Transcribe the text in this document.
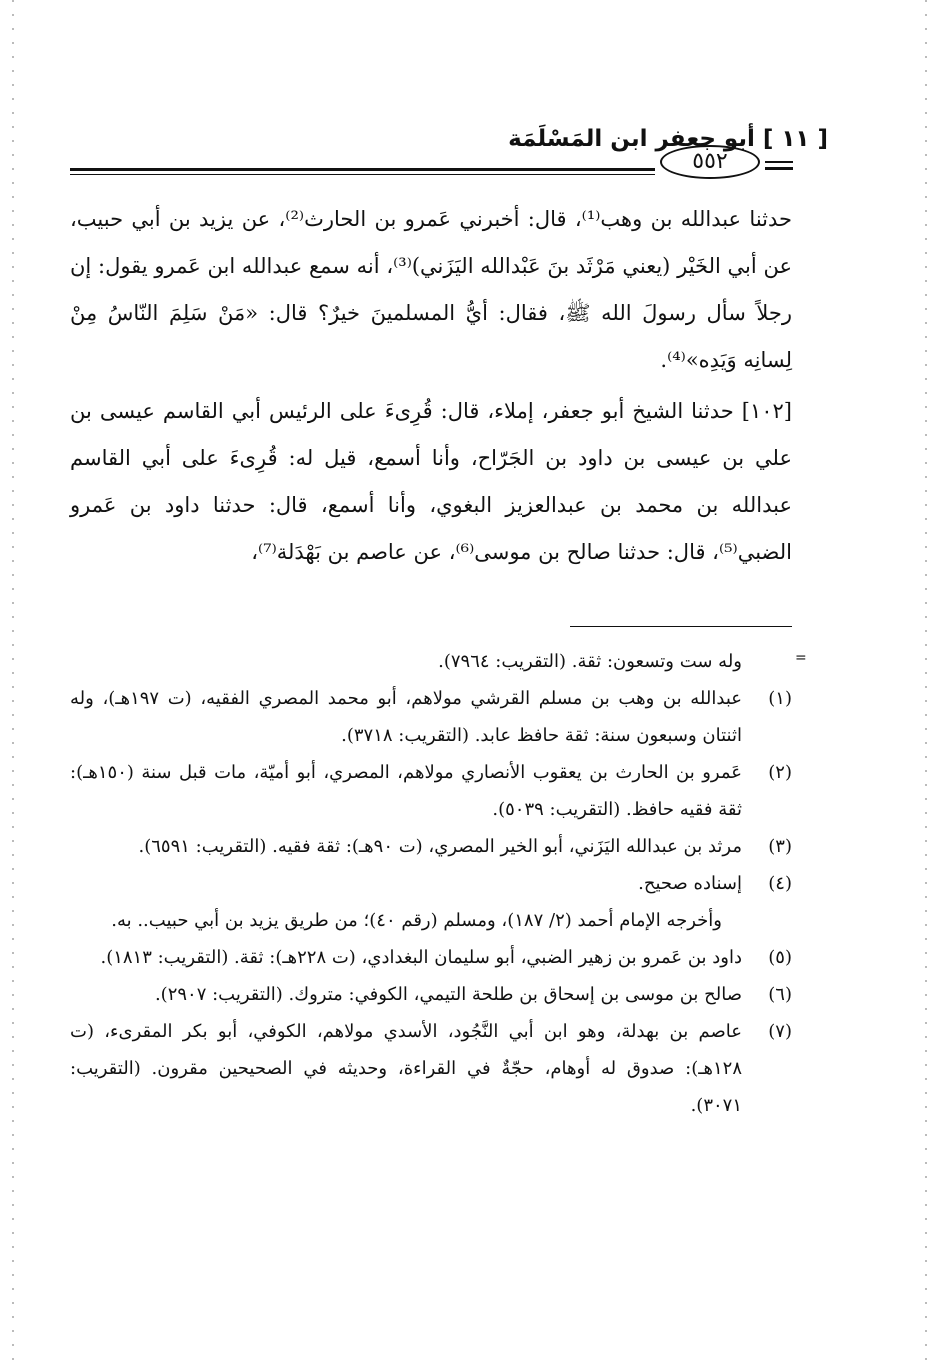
[ ١١ ] أبو جعفر ابن المَسْلَمَة
٥٥٢

حدثنا عبدالله بن وهب⁽¹⁾، قال: أخبرني عَمرو بن الحارث⁽²⁾، عن يزيد بن أبي حبيب، عن أبي الخَيْر (يعني مَرْثَد بنَ عَبْدالله اليَزَني)⁽³⁾، أنه سمع عبدالله ابن عَمرو يقول: إن رجلاً سأل رسولَ الله ﷺ، فقال: أيُّ المسلمينَ خيرٌ؟ قال: «مَنْ سَلِمَ النّاسُ مِنْ لِسانِه وَيَدِه»⁽⁴⁾.

[١٠٢] حدثنا الشيخ أبو جعفر، إملاء، قال: قُرِىءَ على الرئيس أبي القاسم عيسى بن علي بن عيسى بن داود بن الجَرّاح، وأنا أسمع، قيل له: قُرِىءَ على أبي القاسم عبدالله بن محمد بن عبدالعزيز البغوي، وأنا أسمع، قال: حدثنا داود بن عَمرو الضبي⁽⁵⁾، قال: حدثنا صالح بن موسى⁽⁶⁾، عن عاصم بن بَهْدَلة⁽⁷⁾،

=
وله ست وتسعون: ثقة. (التقريب: ٧٩٦٤).
(١)
عبدالله بن وهب بن مسلم القرشي مولاهم، أبو محمد المصري الفقيه، (ت ١٩٧هـ)، وله اثنتان وسبعون سنة: ثقة حافظ عابد. (التقريب: ٣٧١٨).
(٢)
عَمرو بن الحارث بن يعقوب الأنصاري مولاهم، المصري، أبو أميّة، مات قبل سنة (١٥٠هـ): ثقة فقيه حافظ. (التقريب: ٥٠٣٩).
(٣)
مرثد بن عبدالله اليَزَني، أبو الخير المصري، (ت ٩٠هـ): ثقة فقيه. (التقريب: ٦٥٩١).
(٤)
إسناده صحيح.
وأخرجه الإمام أحمد (٢/ ١٨٧)، ومسلم (رقم ٤٠)؛ من طريق يزيد بن أبي حبيب.. به.
(٥)
داود بن عَمرو بن زهير الضبي، أبو سليمان البغدادي، (ت ٢٢٨هـ): ثقة. (التقريب: ١٨١٣).
(٦)
صالح بن موسى بن إسحاق بن طلحة التيمي، الكوفي: متروك. (التقريب: ٢٩٠٧).
(٧)
عاصم بن بهدلة، وهو ابن أبي النَّجُود، الأسدي مولاهم، الكوفي، أبو بكر المقرىء، (ت ١٢٨هـ): صدوق له أوهام، حجّةٌ في القراءة، وحديثه في الصحيحين مقرون. (التقريب: ٣٠٧١).
